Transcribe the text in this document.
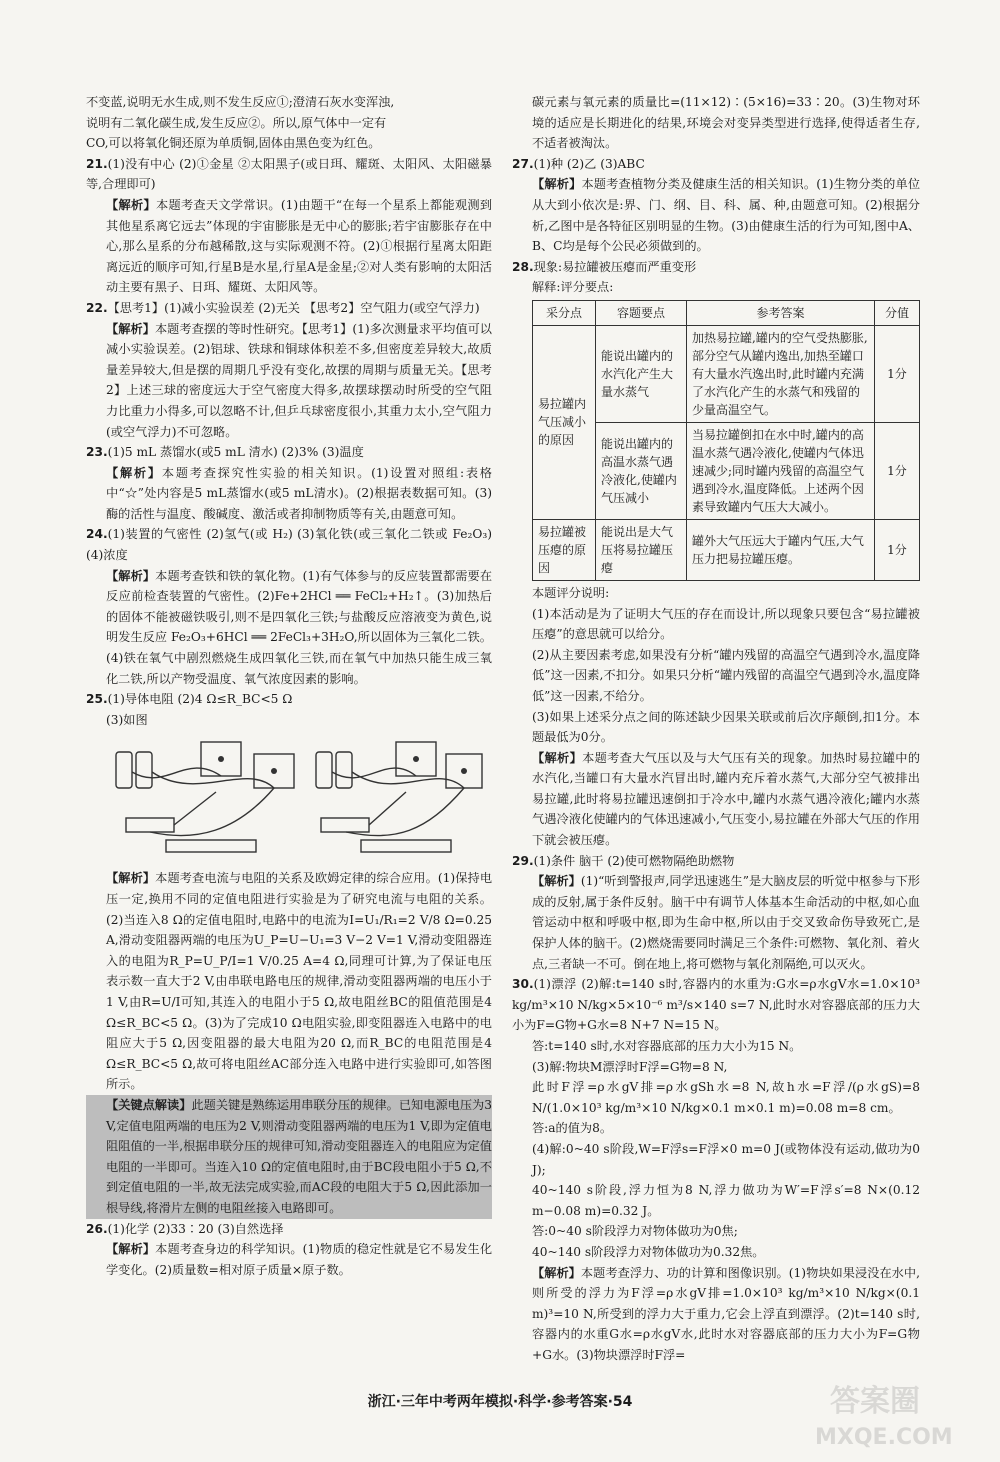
不变蓝,说明无水生成,则不发生反应①;澄清石灰水变浑浊,

说明有二氧化碳生成,发生反应②。所以,原气体中一定有

CO,可以将氧化铜还原为单质铜,固体由黑色变为红色。

21.(1)没有中心 (2)①金星 ②太阳黑子(或日珥、耀斑、太阳风、太阳磁暴等,合理即可)

【解析】本题考查天文学常识。(1)由题干“在每一个星系上都能观测到其他星系离它远去”体现的宇宙膨胀是无中心的膨胀;若宇宙膨胀存在中心,那么星系的分布越稀散,这与实际观测不符。(2)①根据行星离太阳距离远近的顺序可知,行星B是水星,行星A是金星;②对人类有影响的太阳活动主要有黑子、日珥、耀斑、太阳风等。

22.【思考1】(1)减小实验误差 (2)无关 【思考2】空气阻力(或空气浮力)

【解析】本题考查摆的等时性研究。【思考1】(1)多次测量求平均值可以减小实验误差。(2)铝球、铁球和铜球体积差不多,但密度差异较大,故质量差异较大,但是摆的周期几乎没有变化,故摆的周期与质量无关。【思考2】上述三球的密度远大于空气密度大得多,故摆球摆动时所受的空气阻力比重力小得多,可以忽略不计,但乒乓球密度很小,其重力太小,空气阻力(或空气浮力)不可忽略。

23.(1)5 mL 蒸馏水(或5 mL 清水) (2)3% (3)温度

【解析】本题考查探究性实验的相关知识。(1)设置对照组:表格中“☆”处内容是5 mL蒸馏水(或5 mL清水)。(2)根据表数据可知。(3)酶的活性与温度、酸碱度、激活或者抑制物质等有关,由题意可知。

24.(1)装置的气密性 (2)氢气(或 H₂) (3)氧化铁(或三氧化二铁或 Fe₂O₃) (4)浓度

【解析】本题考查铁和铁的氧化物。(1)有气体参与的反应装置都需要在反应前检查装置的气密性。(2)Fe+2HCl ══ FeCl₂+H₂↑。(3)加热后的固体不能被磁铁吸引,则不是四氧化三铁;与盐酸反应溶液变为黄色,说明发生反应 Fe₂O₃+6HCl ══ 2FeCl₃+3H₂O,所以固体为三氧化二铁。(4)铁在氧气中剧烈燃烧生成四氧化三铁,而在氧气中加热只能生成三氧化二铁,所以产物受温度、氧气浓度因素的影响。

25.(1)导体电阻 (2)4 Ω≤R_BC<5 Ω

(3)如图

【解析】本题考查电流与电阻的关系及欧姆定律的综合应用。(1)保持电压一定,换用不同的定值电阻进行实验是为了研究电流与电阻的关系。(2)当连入8 Ω的定值电阻时,电路中的电流为I=U₁/R₁=2 V/8 Ω=0.25 A,滑动变阻器两端的电压为U_P=U−U₁=3 V−2 V=1 V,滑动变阻器连入的电阻为R_P=U_P/I=1 V/0.25 A=4 Ω,同理可计算,为了保证电压表示数一直大于2 V,由串联电路电压的规律,滑动变阻器两端的电压小于1 V,由R=U/I可知,其连入的电阻小于5 Ω,故电阻丝BC的阻值范围是4 Ω≤R_BC<5 Ω。(3)为了完成10 Ω电阻实验,即变阻器连入电路中的电阻应大于5 Ω,因变阻器的最大电阻为20 Ω,而R_BC的电阻范围是4 Ω≤R_BC<5 Ω,故可将电阻丝AC部分连入电路中进行实验即可,如答图所示。

【关键点解读】此题关键是熟练运用串联分压的规律。已知电源电压为3 V,定值电阻两端的电压为2 V,则滑动变阻器两端的电压为1 V,即为定值电阻阻值的一半,根据串联分压的规律可知,滑动变阻器连入的电阻应为定值电阻的一半即可。当连入10 Ω的定值电阻时,由于BC段电阻小于5 Ω,不到定值电阻的一半,故无法完成实验,而AC段的电阻大于5 Ω,因此添加一根导线,将滑片左侧的电阻丝接入电路即可。

26.(1)化学 (2)33∶20 (3)自然选择

【解析】本题考查身边的科学知识。(1)物质的稳定性就是它不易发生化学变化。(2)质量数=相对原子质量×原子数。

碳元素与氧元素的质量比=(11×12)∶(5×16)=33∶20。(3)生物对环境的适应是长期进化的结果,环境会对变异类型进行选择,使得适者生存,不适者被淘汰。

27.(1)种 (2)乙 (3)ABC

【解析】本题考查植物分类及健康生活的相关知识。(1)生物分类的单位从大到小依次是:界、门、纲、目、科、属、种,由题意可知。(2)根据分析,乙图中是各特征区别明显的生物。(3)由健康生活的行为可知,图中A、B、C均是每个公民必须做到的。

28.现象:易拉罐被压瘪而严重变形

解释:评分要点:

采分点	容题要点	参考答案	分值
易拉罐内气压减小的原因	能说出罐内的水汽化产生大量水蒸气	加热易拉罐,罐内的空气受热膨胀,部分空气从罐内逸出,加热至罐口有大量水汽逸出时,此时罐内充满了水汽化产生的水蒸气和残留的少量高温空气。	1分
	能说出罐内的高温水蒸气遇冷液化,使罐内气压减小	当易拉罐倒扣在水中时,罐内的高温水蒸气遇冷液化,使罐内气体迅速减少;同时罐内残留的高温空气遇到冷水,温度降低。上述两个因素导致罐内气压大大减小。	1分
易拉罐被压瘪的原因	能说出是大气压将易拉罐压瘪	罐外大气压远大于罐内气压,大气压力把易拉罐压瘪。	1分

本题评分说明:

(1)本活动是为了证明大气压的存在而设计,所以现象只要包含“易拉罐被压瘪”的意思就可以给分。

(2)从主要因素考虑,如果没有分析“罐内残留的高温空气遇到冷水,温度降低”这一因素,不扣分。如果只分析“罐内残留的高温空气遇到冷水,温度降低”这一因素,不给分。

(3)如果上述采分点之间的陈述缺少因果关联或前后次序颠倒,扣1分。本题最低为0分。

【解析】本题考查大气压以及与大气压有关的现象。加热时易拉罐中的水汽化,当罐口有大量水汽冒出时,罐内充斥着水蒸气,大部分空气被排出易拉罐,此时将易拉罐迅速倒扣于冷水中,罐内水蒸气遇冷液化;罐内水蒸气遇冷液化使罐内的气体迅速减小,气压变小,易拉罐在外部大气压的作用下就会被压瘪。

29.(1)条件 脑干 (2)使可燃物隔绝助燃物

【解析】(1)“听到警报声,同学迅速逃生”是大脑皮层的听觉中枢参与下形成的反射,属于条件反射。脑干中有调节人体基本生命活动的中枢,如心血管运动中枢和呼吸中枢,即为生命中枢,所以由于交叉致命伤导致死亡,是保护人体的脑干。(2)燃烧需要同时满足三个条件:可燃物、氧化剂、着火点,三者缺一不可。倒在地上,将可燃物与氧化剂隔绝,可以灭火。

30.(1)漂浮 (2)解:t=140 s时,容器内的水重为:G水=ρ水gV水=1.0×10³ kg/m³×10 N/kg×5×10⁻⁶ m³/s×140 s=7 N,此时水对容器底部的压力大小为F=G物+G水=8 N+7 N=15 N。

答:t=140 s时,水对容器底部的压力大小为15 N。

(3)解:物块M漂浮时F浮=G物=8 N,

此时F浮=ρ水gV排=ρ水gSh水=8 N,故h水=F浮/(ρ水gS)=8 N/(1.0×10³ kg/m³×10 N/kg×0.1 m×0.1 m)=0.08 m=8 cm。

答:a的值为8。

(4)解:0~40 s阶段,W=F浮s=F浮×0 m=0 J(或物体没有运动,做功为0 J);

40~140 s阶段,浮力恒为8 N,浮力做功为W′=F浮s′=8 N×(0.12 m−0.08 m)=0.32 J。

答:0~40 s阶段浮力对物体做功为0焦;

40~140 s阶段浮力对物体做功为0.32焦。

【解析】本题考查浮力、功的计算和图像识别。(1)物块如果浸没在水中,则所受的浮力为F浮=ρ水gV排=1.0×10³ kg/m³×10 N/kg×(0.1 m)³=10 N,所受到的浮力大于重力,它会上浮直到漂浮。(2)t=140 s时,容器内的水重G水=ρ水gV水,此时水对容器底部的压力大小为F=G物+G水。(3)物块漂浮时F浮=

浙江·三年中考两年模拟·科学·参考答案·54
MXQE.COM
答案圈
